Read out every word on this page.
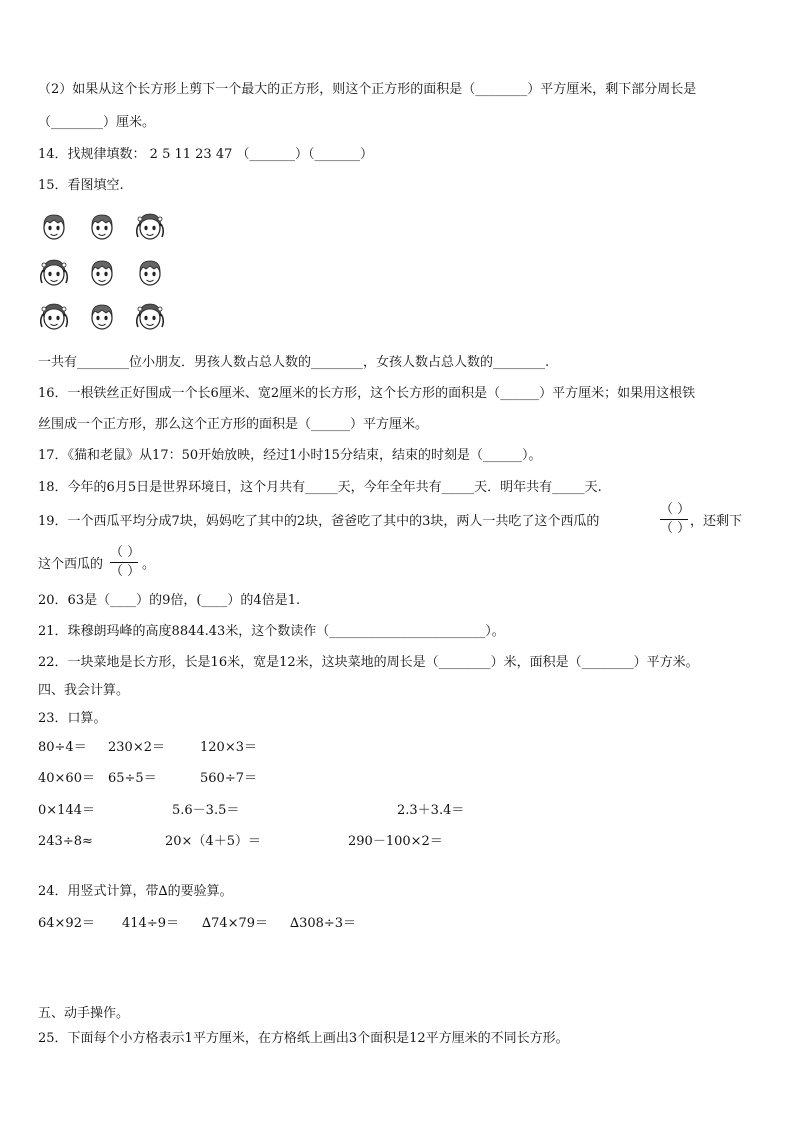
（2）如果从这个长方形上剪下一个最大的正方形，则这个正方形的面积是（________）平方厘米，剩下部分周长是
（________）厘米。
14．找规律填数： 2 5 11 23 47 （_______）（_______）
15．看图填空.
一共有________位小朋友．男孩人数占总人数的________，女孩人数占总人数的________.
16．一根铁丝正好围成一个长6厘米、宽2厘米的长方形，这个长方形的面积是（______）平方厘米；如果用这根铁
丝围成一个正方形，那么这个正方形的面积是（______）平方厘米。
17．《猫和老鼠》从17：50开始放映，经过1小时15分结束，结束的时刻是（______）。
18．今年的6月5日是世界环境日，这个月共有_____天，今年全年共有_____天．明年共有_____天.
19．一个西瓜平均分成7块，妈妈吃了其中的2块，爸爸吃了其中的3块，两人一共吃了这个西瓜的
（ ）
（ ） ，还剩下
这个西瓜的
（ ）
（ ） 。
20．63是（____）的9倍，(____）的4倍是1.
21．珠穆朗玛峰的高度8844.43米，这个数读作（________________________）。
22．一块菜地是长方形，长是16米，宽是12米，这块菜地的周长是（________）米，面积是（________）平方米。
四、我会计算。
23．口算。
80÷4＝	230×2＝	120×3＝
40×60＝	65÷5＝	560÷7＝
0×144＝	5.6－3.5＝	2.3＋3.4＝
243÷8≈	20×（4＋5）＝	290－100×2＝
24．用竖式计算，带∆的要验算。
64×92＝	414÷9＝	∆74×79＝	∆308÷3＝
五、动手操作。
25．下面每个小方格表示1平方厘米，在方格纸上画出3个面积是12平方厘米的不同长方形。
